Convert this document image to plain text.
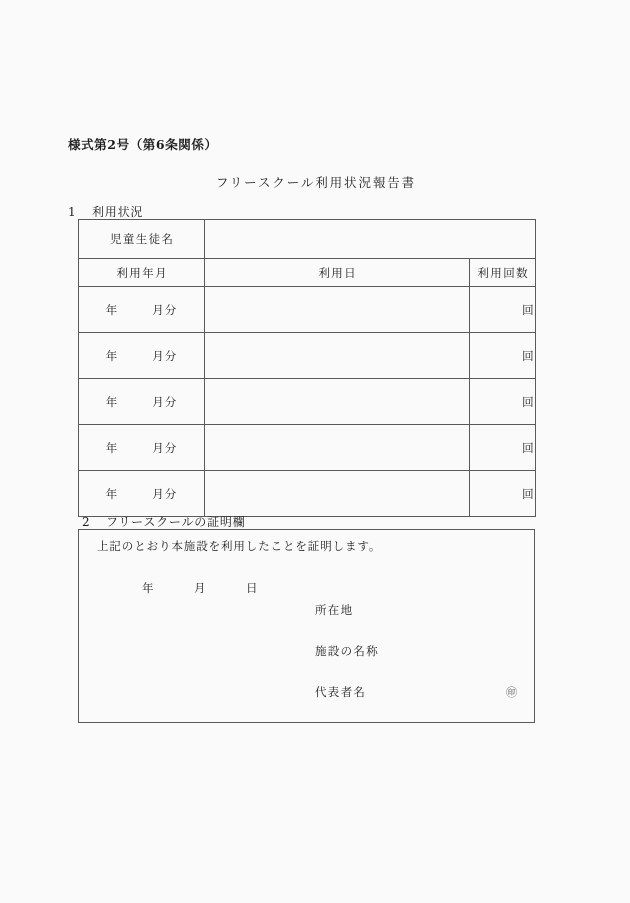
様式第2号（第6条関係）
フリースクール利用状況報告書
1 利用状況
児童生徒名		
利用年月	利用日	利用回数

年 月分		回

年 月分		回

年 月分		回

年 月分		回

年 月分		回
2 フリースクールの証明欄
上記のとおり本施設を利用したことを証明します。
年	月	日
所在地
施設の名称
代表者名	㊞
